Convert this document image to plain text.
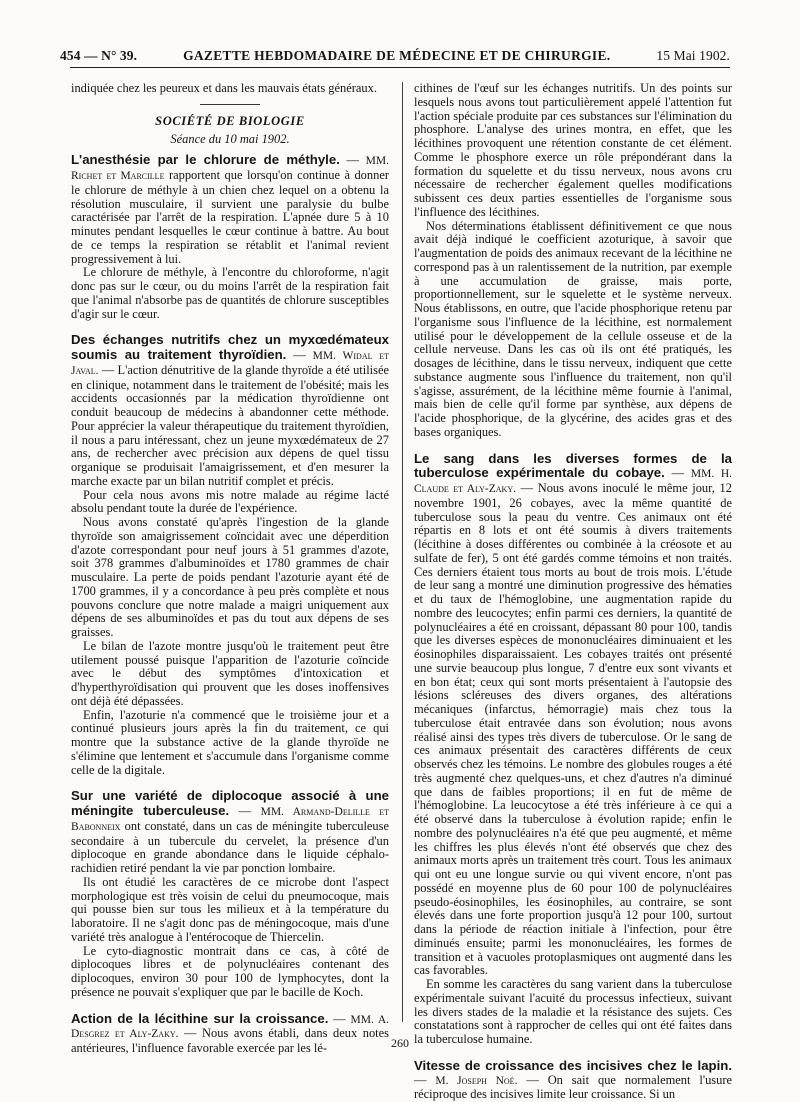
454 — N° 39.	GAZETTE HEBDOMADAIRE DE MÉDECINE ET DE CHIRURGIE.	15 Mai 1902.

indiquée chez les peureux et dans les mauvais états généraux.

SOCIÉTÉ DE BIOLOGIE
Séance du 10 mai 1902.

L'anesthésie par le chlorure de méthyle. — MM. Richet et Marcille rapportent que lorsqu'on continue à donner le chlorure de méthyle à un chien chez lequel on a obtenu la résolution musculaire, il survient une paralysie du bulbe caractérisée par l'arrêt de la respiration. L'apnée dure 5 à 10 minutes pendant lesquelles le cœur continue à battre. Au bout de ce temps la respiration se rétablit et l'animal revient progressivement à lui.

Le chlorure de méthyle, à l'encontre du chloroforme, n'agit donc pas sur le cœur, ou du moins l'arrêt de la respiration fait que l'animal n'absorbe pas de quantités de chlorure susceptibles d'agir sur le cœur.

Des échanges nutritifs chez un myxœdémateux soumis au traitement thyroïdien. — MM. Widal et Javal. — L'action dénutritive de la glande thyroïde a été utilisée en clinique, notamment dans le traitement de l'obésité; mais les accidents occasionnés par la médication thyroïdienne ont conduit beaucoup de médecins à abandonner cette méthode. Pour apprécier la valeur thérapeutique du traitement thyroïdien, il nous a paru intéressant, chez un jeune myxœdémateux de 27 ans, de rechercher avec précision aux dépens de quel tissu organique se produisait l'amaigrissement, et d'en mesurer la marche exacte par un bilan nutritif complet et précis.

Pour cela nous avons mis notre malade au régime lacté absolu pendant toute la durée de l'expérience.

Nous avons constaté qu'après l'ingestion de la glande thyroïde son amaigrissement coïncidait avec une déperdition d'azote correspondant pour neuf jours à 51 grammes d'azote, soit 378 grammes d'albuminoïdes et 1780 grammes de chair musculaire. La perte de poids pendant l'azoturie ayant été de 1700 grammes, il y a concordance à peu près complète et nous pouvons conclure que notre malade a maigri uniquement aux dépens de ses albuminoïdes et pas du tout aux dépens de ses graisses.

Le bilan de l'azote montre jusqu'où le traitement peut être utilement poussé puisque l'apparition de l'azoturie coïncide avec le début des symptômes d'intoxication et d'hyperthyroïdisation qui prouvent que les doses inoffensives ont déjà été dépassées.

Enfin, l'azoturie n'a commencé que le troisième jour et a continué plusieurs jours après la fin du traitement, ce qui montre que la substance active de la glande thyroïde ne s'élimine que lentement et s'accumule dans l'organisme comme celle de la digitale.

Sur une variété de diplocoque associé à une méningite tuberculeuse. — MM. Armand-Delille et Babonneix ont constaté, dans un cas de méningite tuberculeuse secondaire à un tubercule du cervelet, la présence d'un diplocoque en grande abondance dans le liquide céphalo-rachidien retiré pendant la vie par ponction lombaire.

Ils ont étudié les caractères de ce microbe dont l'aspect morphologique est très voisin de celui du pneumocoque, mais qui pousse bien sur tous les milieux et à la température du laboratoire. Il ne s'agit donc pas de méningocoque, mais d'une variété très analogue à l'entérocoque de Thiercelin.

Le cyto-diagnostic montrait dans ce cas, à côté de diplocoques libres et de polynucléaires contenant des diplocoques, environ 30 pour 100 de lymphocytes, dont la présence ne pouvait s'expliquer que par le bacille de Koch.

Action de la lécithine sur la croissance. — MM. A. Desgrez et Aly-Zaky. — Nous avons établi, dans deux notes antérieures, l'influence favorable exercée par les lé-

cithines de l'œuf sur les échanges nutritifs. Un des points sur lesquels nous avons tout particulièrement appelé l'attention fut l'action spéciale produite par ces substances sur l'élimination du phosphore. L'analyse des urines montra, en effet, que les lécithines provoquent une rétention constante de cet élément. Comme le phosphore exerce un rôle prépondérant dans la formation du squelette et du tissu nerveux, nous avons cru nécessaire de rechercher également quelles modifications subissent ces deux parties essentielles de l'organisme sous l'influence des lécithines.

Nos déterminations établissent définitivement ce que nous avait déjà indiqué le coefficient azoturique, à savoir que l'augmentation de poids des animaux recevant de la lécithine ne correspond pas à un ralentissement de la nutrition, par exemple à une accumulation de graisse, mais porte, proportionnellement, sur le squelette et le système nerveux. Nous établissons, en outre, que l'acide phosphorique retenu par l'organisme sous l'influence de la lécithine, est normalement utilisé pour le développement de la cellule osseuse et de la cellule nerveuse. Dans les cas où ils ont été pratiqués, les dosages de lécithine, dans le tissu nerveux, indiquent que cette substance augmente sous l'influence du traitement, non qu'il s'agisse, assurément, de la lécithine même fournie à l'animal, mais bien de celle qu'il forme par synthèse, aux dépens de l'acide phosphorique, de la glycérine, des acides gras et des bases organiques.

Le sang dans les diverses formes de la tuberculose expérimentale du cobaye. — MM. H. Claude et Aly-Zaky. — Nous avons inoculé le même jour, 12 novembre 1901, 26 cobayes, avec la même quantité de tuberculose sous la peau du ventre. Ces animaux ont été répartis en 8 lots et ont été soumis à divers traitements (lécithine à doses différentes ou combinée à la créosote et au sulfate de fer), 5 ont été gardés comme témoins et non traités. Ces derniers étaient tous morts au bout de trois mois. L'étude de leur sang a montré une diminution progressive des hématies et du taux de l'hémoglobine, une augmentation rapide du nombre des leucocytes; enfin parmi ces derniers, la quantité de polynucléaires a été en croissant, dépassant 80 pour 100, tandis que les diverses espèces de mononucléaires diminuaient et les éosinophiles disparaissaient. Les cobayes traités ont présenté une survie beaucoup plus longue, 7 d'entre eux sont vivants et en bon état; ceux qui sont morts présentaient à l'autopsie des lésions scléreuses des divers organes, des altérations mécaniques (infarctus, hémorragie) mais chez tous la tuberculose était entravée dans son évolution; nous avons réalisé ainsi des types très divers de tuberculose. Or le sang de ces animaux présentait des caractères différents de ceux observés chez les témoins. Le nombre des globules rouges a été très augmenté chez quelques-uns, et chez d'autres n'a diminué que dans de faibles proportions; il en fut de même de l'hémoglobine. La leucocytose a été très inférieure à ce qui a été observé dans la tuberculose à évolution rapide; enfin le nombre des polynucléaires n'a été que peu augmenté, et même les chiffres les plus élevés n'ont été observés que chez des animaux morts après un traitement très court. Tous les animaux qui ont eu une longue survie ou qui vivent encore, n'ont pas possédé en moyenne plus de 60 pour 100 de polynucléaires pseudo-éosinophiles, les éosinophiles, au contraire, se sont élevés dans une forte proportion jusqu'à 12 pour 100, surtout dans la période de réaction initiale à l'infection, pour être diminués ensuite; parmi les mononucléaires, les formes de transition et à vacuoles protoplasmiques ont augmenté dans les cas favorables.

En somme les caractères du sang varient dans la tuberculose expérimentale suivant l'acuité du processus infectieux, suivant les divers stades de la maladie et la résistance des sujets. Ces constatations sont à rapprocher de celles qui ont été faites dans la tuberculose humaine.

Vitesse de croissance des incisives chez le lapin. — M. Joseph Noé. — On sait que normalement l'usure réciproque des incisives limite leur croissance. Si un

260
